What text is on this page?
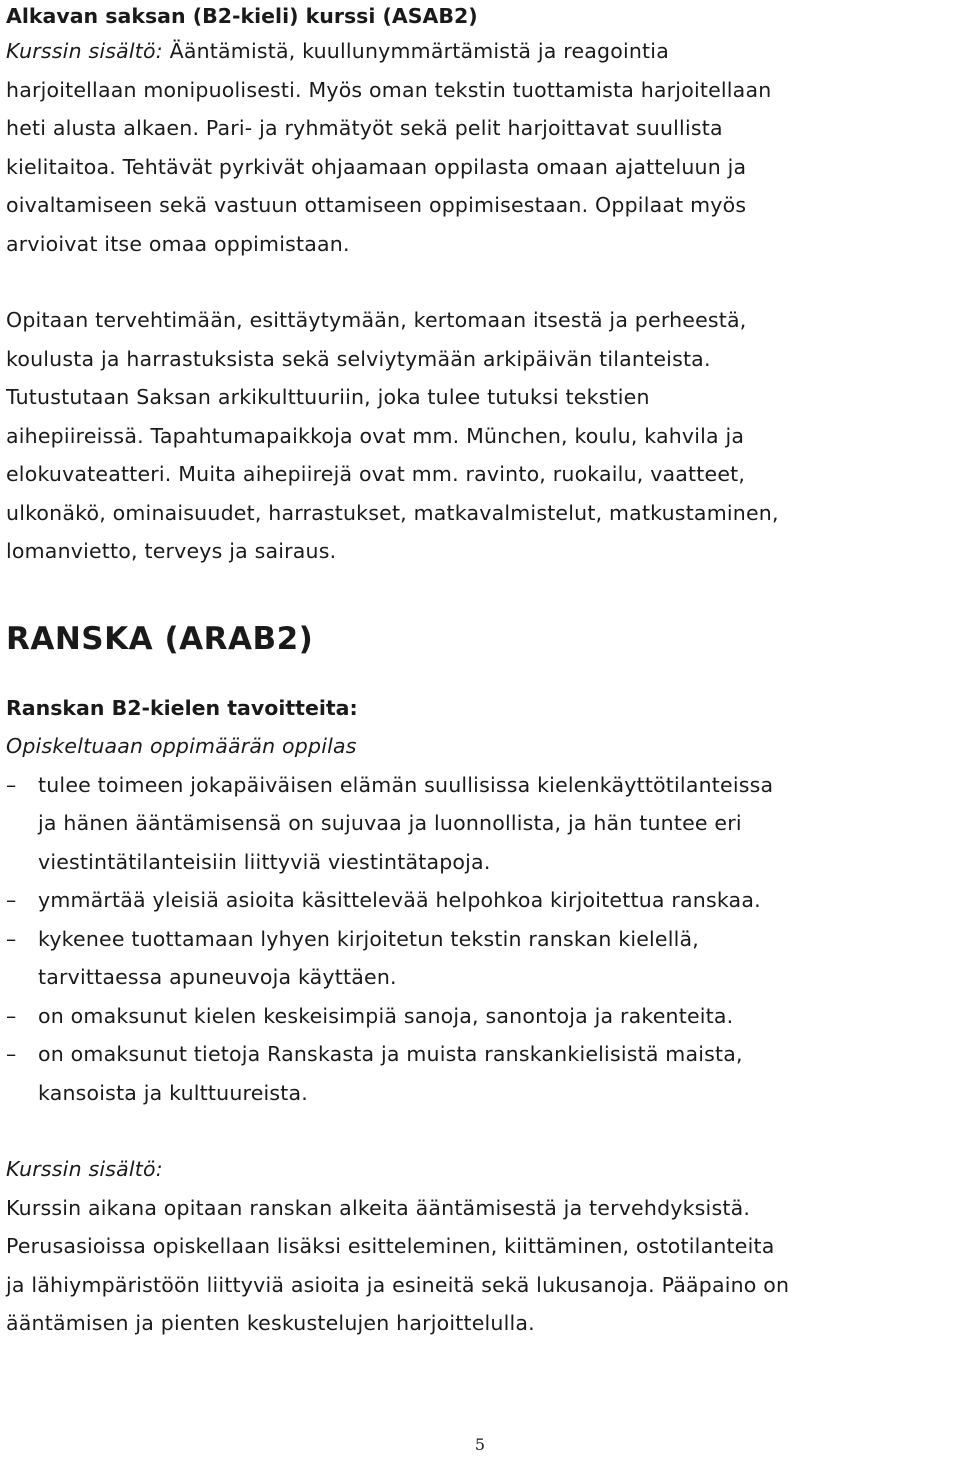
Alkavan saksan (B2-kieli) kurssi (ASAB2)
Kurssin sisältö: Ääntämistä, kuullunymmärtämistä ja reagointia
harjoitellaan monipuolisesti. Myös oman tekstin tuottamista harjoitellaan
heti alusta alkaen. Pari- ja ryhmätyöt sekä pelit harjoittavat suullista
kielitaitoa. Tehtävät pyrkivät ohjaamaan oppilasta omaan ajatteluun ja
oivaltamiseen sekä vastuun ottamiseen oppimisestaan. Oppilaat myös
arvioivat itse omaa oppimistaan.
Opitaan tervehtimään, esittäytymään, kertomaan itsestä ja perheestä,
koulusta ja harrastuksista sekä selviytymään arkipäivän tilanteista.
Tutustutaan Saksan arkikulttuuriin, joka tulee tutuksi tekstien
aihepiireissä. Tapahtumapaikkoja ovat mm. München, koulu, kahvila ja
elokuvateatteri. Muita aihepiirejä ovat mm. ravinto, ruokailu, vaatteet,
ulkonäkö, ominaisuudet, harrastukset, matkavalmistelut, matkustaminen,
lomanvietto, terveys ja sairaus.
RANSKA (ARAB2)
Ranskan B2-kielen tavoitteita:
Opiskeltuaan oppimäärän oppilas
–	tulee toimeen jokapäiväisen elämän suullisissa kielenkäyttötilanteissa
ja hänen ääntämisensä on sujuvaa ja luonnollista, ja hän tuntee eri
viestintätilanteisiin liittyviä viestintätapoja.
–	ymmärtää yleisiä asioita käsittelevää helpohkoa kirjoitettua ranskaa.
–	kykenee tuottamaan lyhyen kirjoitetun tekstin ranskan kielellä,
tarvittaessa apuneuvoja käyttäen.
–	on omaksunut kielen keskeisimpiä sanoja, sanontoja ja rakenteita.
–	on omaksunut tietoja Ranskasta ja muista ranskankielisistä maista,
kansoista ja kulttuureista.
Kurssin sisältö:
Kurssin aikana opitaan ranskan alkeita ääntämisestä ja tervehdyksistä.
Perusasioissa opiskellaan lisäksi esitteleminen, kiittäminen, ostotilanteita
ja lähiympäristöön liittyviä asioita ja esineitä sekä lukusanoja. Pääpaino on
ääntämisen ja pienten keskustelujen harjoittelulla.
5
